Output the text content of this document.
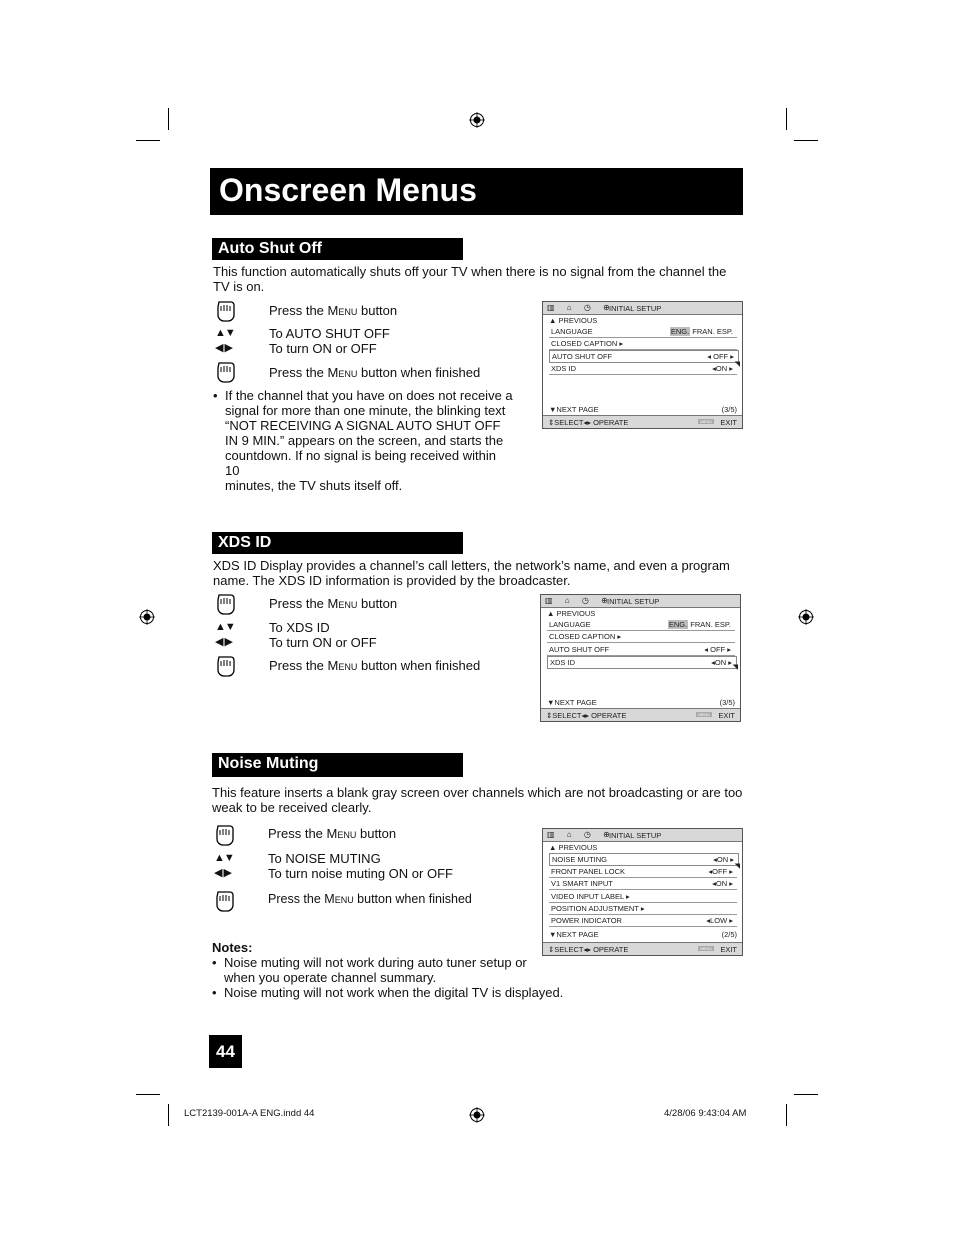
Onscreen Menus
Auto Shut Off
This function automatically shuts off your TV when there is no signal from the channel the
TV is on.
Press the Menu button
▲▼
◀ ▶
To AUTO SHUT OFF
To turn ON or OFF
Press the Menu button when finished
• If the channel that you have on does not receive a
signal for more than one minute, the blinking text
“NOT RECEIVING A SIGNAL AUTO SHUT OFF
IN 9 MIN.” appears on the screen, and starts the
countdown. If no signal is being received within 10
minutes, the TV shuts itself off.
▥ ⌂ ◷ ⊕
INITIAL SETUP
▲ PREVIOUS
LANGUAGE	ENG. FRAN. ESP.
CLOSED CAPTION ▸
AUTO SHUT OFF	◂ OFF ▸
XDS ID	◂ON ▸ ◥
▼NEXT PAGE	(3/5)
⇕SELECT◂▸ OPERATE	MENU EXIT
XDS ID
XDS ID Display provides a channel’s call letters, the network’s name, and even a program
name. The XDS ID information is provided by the broadcaster.
Press the Menu button
▲▼
◀ ▶
To XDS ID
To turn ON or OFF
Press the Menu button when finished
▥ ⌂ ◷ ⊕
INITIAL SETUP
▲ PREVIOUS
LANGUAGE	ENG. FRAN. ESP.
CLOSED CAPTION ▸
AUTO SHUT OFF	◂ OFF ▸
XDS ID	◂ON ▸
◥
▼NEXT PAGE	(3/5)
⇕SELECT◂▸ OPERATE	MENU EXIT
Noise Muting
This feature inserts a blank gray screen over channels which are not broadcasting or are too
weak to be received clearly.
Press the Menu button
▲▼
◀ ▶
To NOISE MUTING
To turn noise muting ON or OFF
Press the Menu button when finished
Notes:
• Noise muting will not work during auto tuner setup or
when you operate channel summary.
• Noise muting will not work when the digital TV is displayed.
▥ ⌂ ◷ ⊕
INITIAL SETUP
▲ PREVIOUS
NOISE MUTING	◂ON ▸
FRONT PANEL LOCK	◂OFF ▸
V1 SMART INPUT	◂ON ▸
VIDEO INPUT LABEL ▸
POSITION ADJUSTMENT ▸
POWER INDICATOR	◂LOW ▸
◥
▼NEXT PAGE	(2/5)
⇕SELECT◂▸ OPERATE	MENU EXIT
44
LCT2139-001A-A ENG.indd 44	4/28/06 9:43:04 AM
